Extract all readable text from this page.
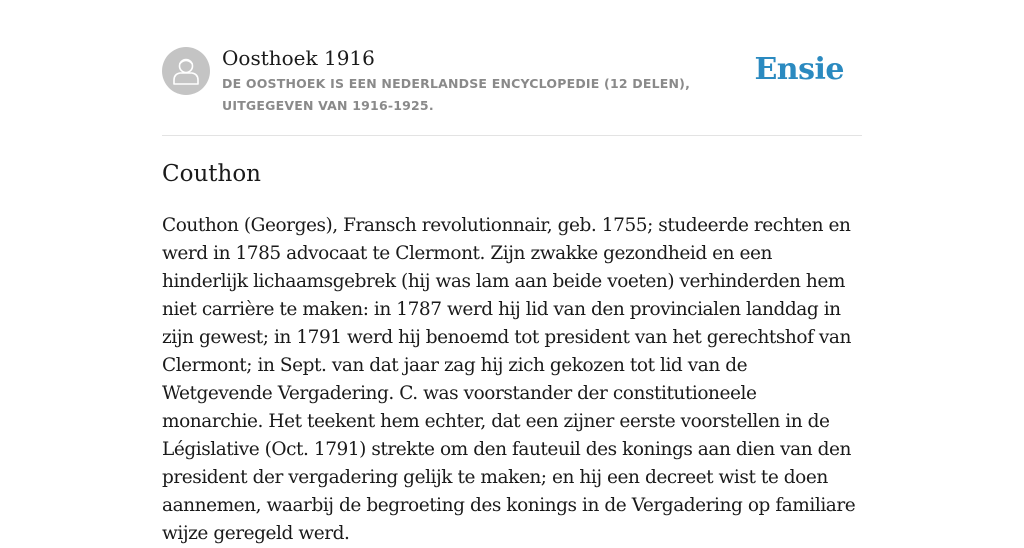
Oosthoek 1916
DE OOSTHOEK IS EEN NEDERLANDSE ENCYCLOPEDIE (12 DELEN), UITGEGEVEN VAN 1916-1925.
Ensie
Couthon

Couthon (Georges), Fransch revolutionnair, geb. 1755; studeerde rechten en werd in 1785 advocaat te Clermont. Zijn zwakke gezondheid en een hinderlijk lichaamsgebrek (hij was lam aan beide voeten) verhinderden hem niet carrière te maken: in 1787 werd hij lid van den provincialen landdag in zijn gewest; in 1791 werd hij benoemd tot president van het gerechtshof van Clermont; in Sept. van dat jaar zag hij zich gekozen tot lid van de Wetgevende Vergadering. C. was voorstander der constitutioneele monarchie. Het teekent hem echter, dat een zijner eerste voorstellen in de Législative (Oct. 1791) strekte om den fauteuil des konings aan dien van den president der vergadering gelijk te maken; en hij een decreet wist te doen aannemen, waarbij de begroeting des konings in de Vergadering op familiare wijze geregeld werd.
